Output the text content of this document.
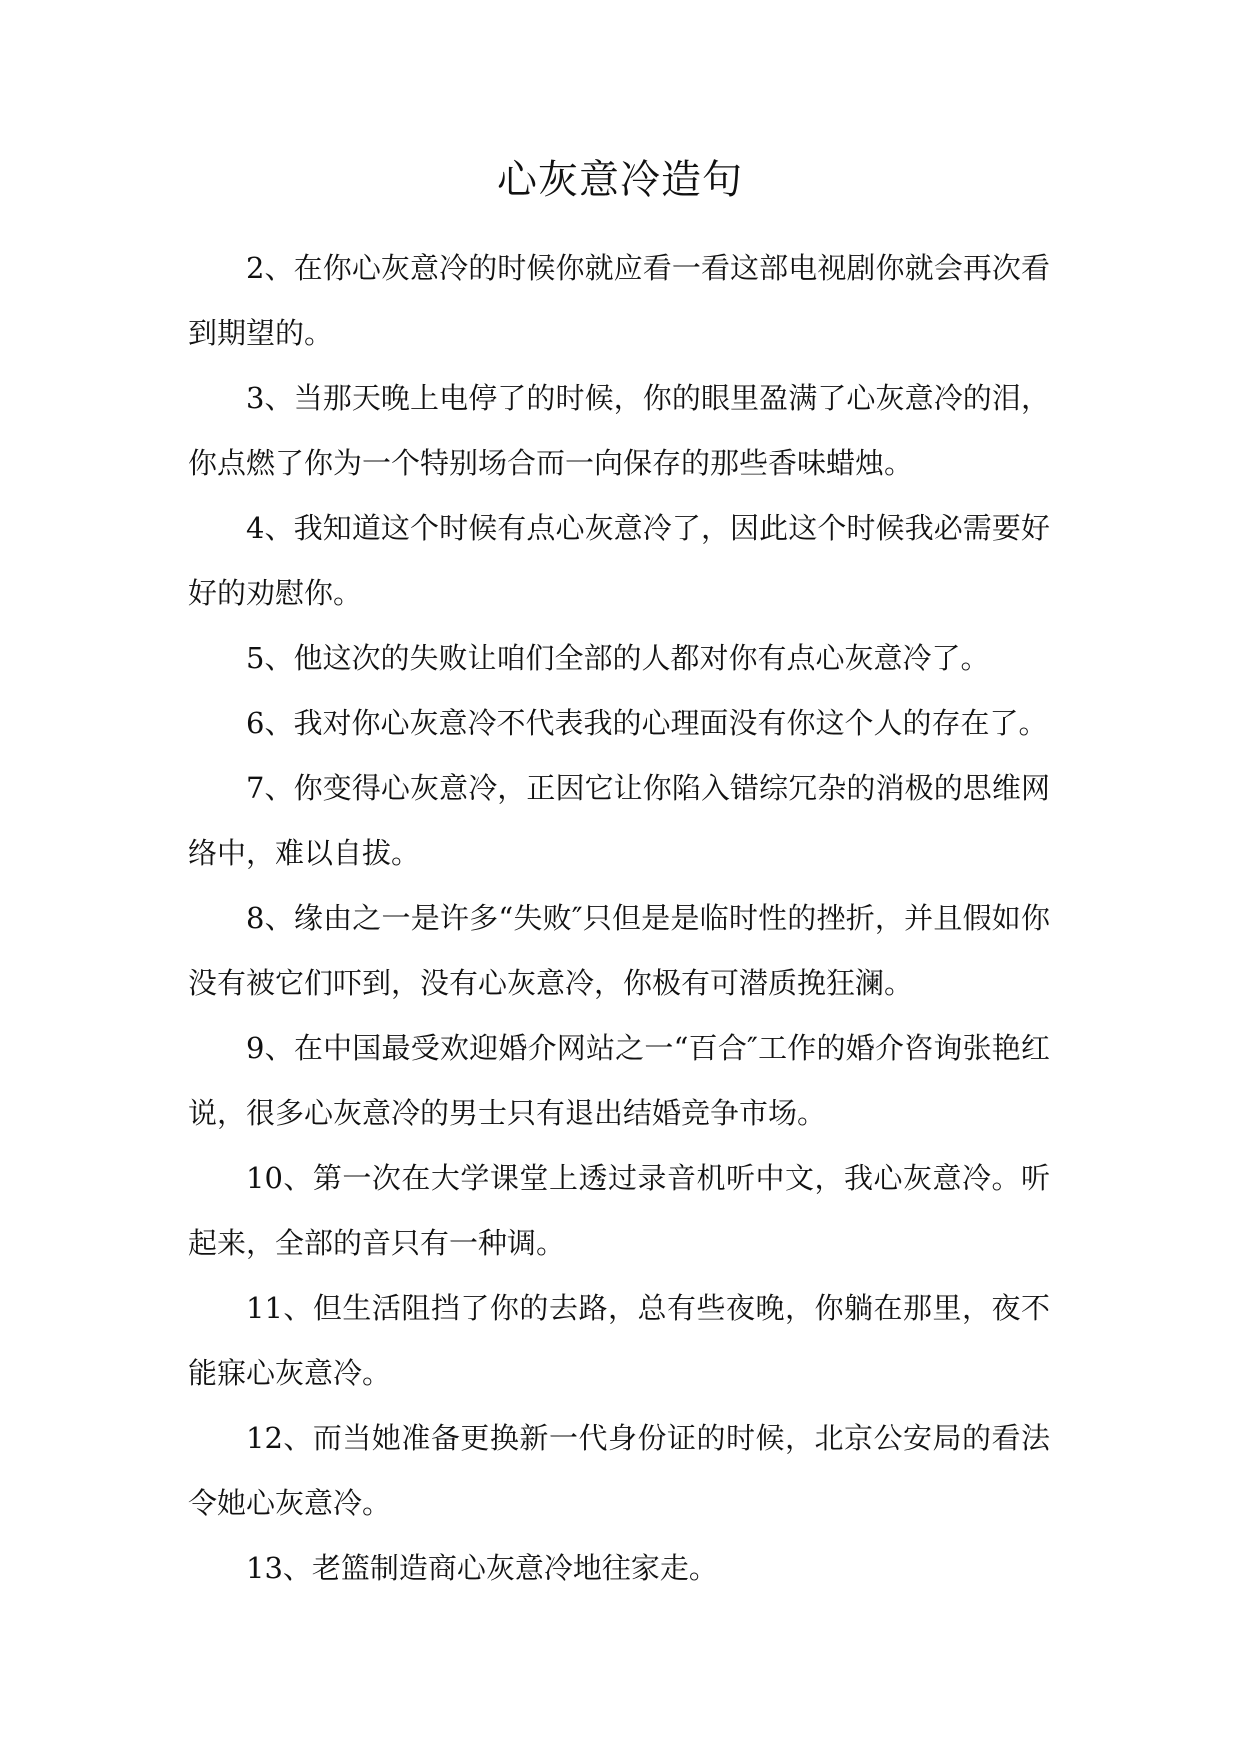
心灰意冷造句

2、在你心灰意冷的时候你就应看一看这部电视剧你就会再次看到期望的。

3、当那天晚上电停了的时候，你的眼里盈满了心灰意冷的泪，你点燃了你为一个特别场合而一向保存的那些香味蜡烛。

4、我知道这个时候有点心灰意冷了，因此这个时候我必需要好好的劝慰你。

5、他这次的失败让咱们全部的人都对你有点心灰意冷了。

6、我对你心灰意冷不代表我的心理面没有你这个人的存在了。

7、你变得心灰意冷，正因它让你陷入错综冗杂的消极的思维网络中，难以自拔。

8、缘由之一是许多“失败″只但是是临时性的挫折，并且假如你没有被它们吓到，没有心灰意冷，你极有可潜质挽狂澜。

9、在中国最受欢迎婚介网站之一“百合″工作的婚介咨询张艳红说，很多心灰意冷的男士只有退出结婚竞争市场。

10、第一次在大学课堂上透过录音机听中文，我心灰意冷。听起来，全部的音只有一种调。

11、但生活阻挡了你的去路，总有些夜晚，你躺在那里，夜不能寐心灰意冷。

12、而当她准备更换新一代身份证的时候，北京公安局的看法令她心灰意冷。

13、老篮制造商心灰意冷地往家走。
